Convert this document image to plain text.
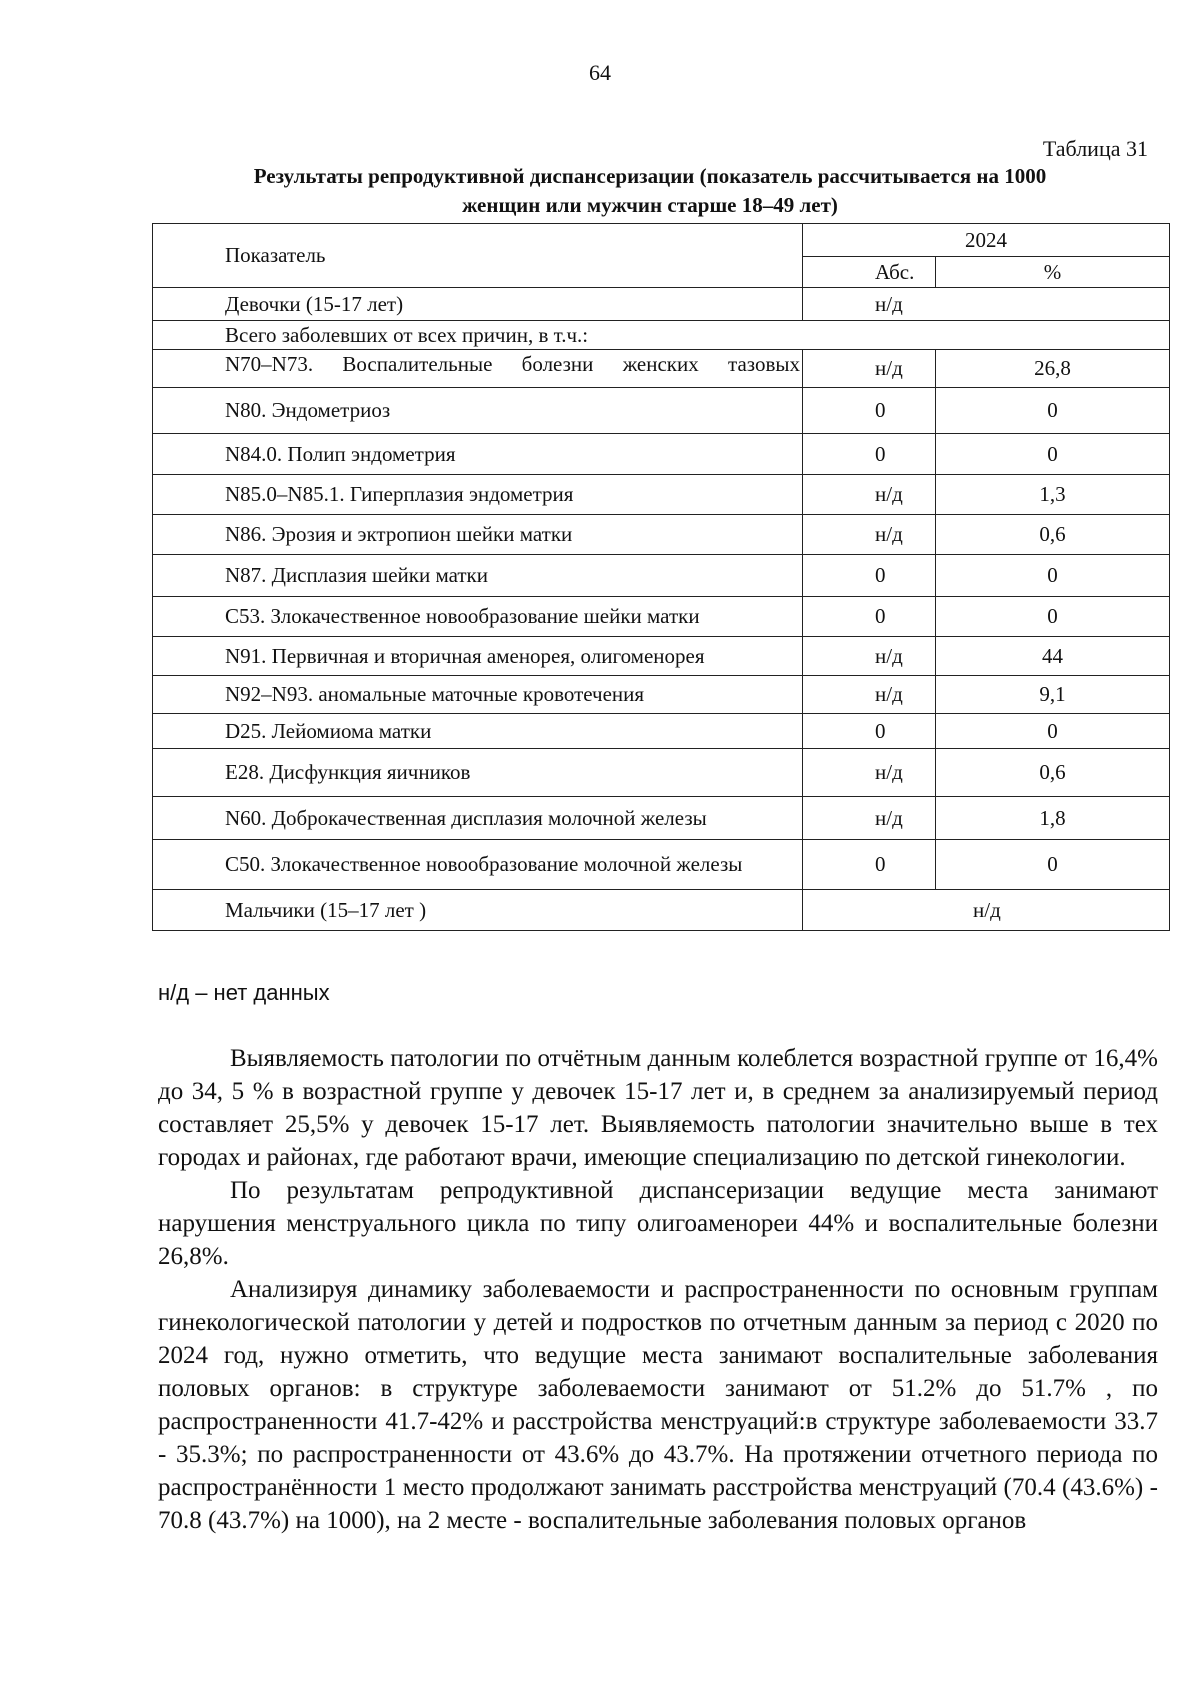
64
Таблица 31
Результаты репродуктивной диспансеризации (показатель рассчитывается на 1000
женщин или мужчин старше 18–49 лет)
Показатель	2024	
	Абс.	%
Девочки (15-17 лет)	н/д	
Всего заболевших от всех причин, в т.ч.:		

N70–N73. Воспалительные болезни женских тазовых	н/д	26,8
N80. Эндометриоз	0	0
N84.0. Полип эндометрия	0	0
N85.0–N85.1. Гиперплазия эндометрия	н/д	1,3
N86. Эрозия и эктропион шейки матки	н/д	0,6
N87. Дисплазия шейки матки	0	0
С53. Злокачественное новообразование шейки матки	0	0
N91. Первичная и вторичная аменорея, олигоменорея	н/д	44
N92–N93. аномальные маточные кровотечения	н/д	9,1
D25. Лейомиома матки	0	0
E28. Дисфункция яичников	н/д	0,6
N60. Доброкачественная дисплазия молочной железы	н/д	1,8
С50. Злокачественное новообразование молочной железы	0	0
Мальчики (15–17 лет )	н/д	
н/д – нет данных

Выявляемость патологии по отчётным данным колеблется возрастной группе от 16,4% до 34, 5 % в возрастной группе у девочек 15-17 лет и, в среднем за анализируемый период составляет 25,5% у девочек 15-17 лет. Выявляемость патологии значительно выше в тех городах и районах, где работают врачи, имеющие специализацию по детской гинекологии.

По результатам репродуктивной диспансеризации ведущие места занимают нарушения менструального цикла по типу олигоаменореи 44% и воспалительные болезни 26,8%.

Анализируя динамику заболеваемости и распространенности по основным группам гинекологической патологии у детей и подростков по отчетным данным за период с 2020 по 2024 год, нужно отметить, что ведущие места занимают воспалительные заболевания половых органов: в структуре заболеваемости занимают от 51.2% до 51.7% , по распространенности 41.7-42% и расстройства менструаций:в структуре заболеваемости 33.7 - 35.3%; по распространенности от 43.6% до 43.7%. На протяжении отчетного периода по распространённости 1 место продолжают занимать расстройства менструаций (70.4 (43.6%) - 70.8 (43.7%) на 1000), на 2 месте - воспалительные заболевания половых органов
